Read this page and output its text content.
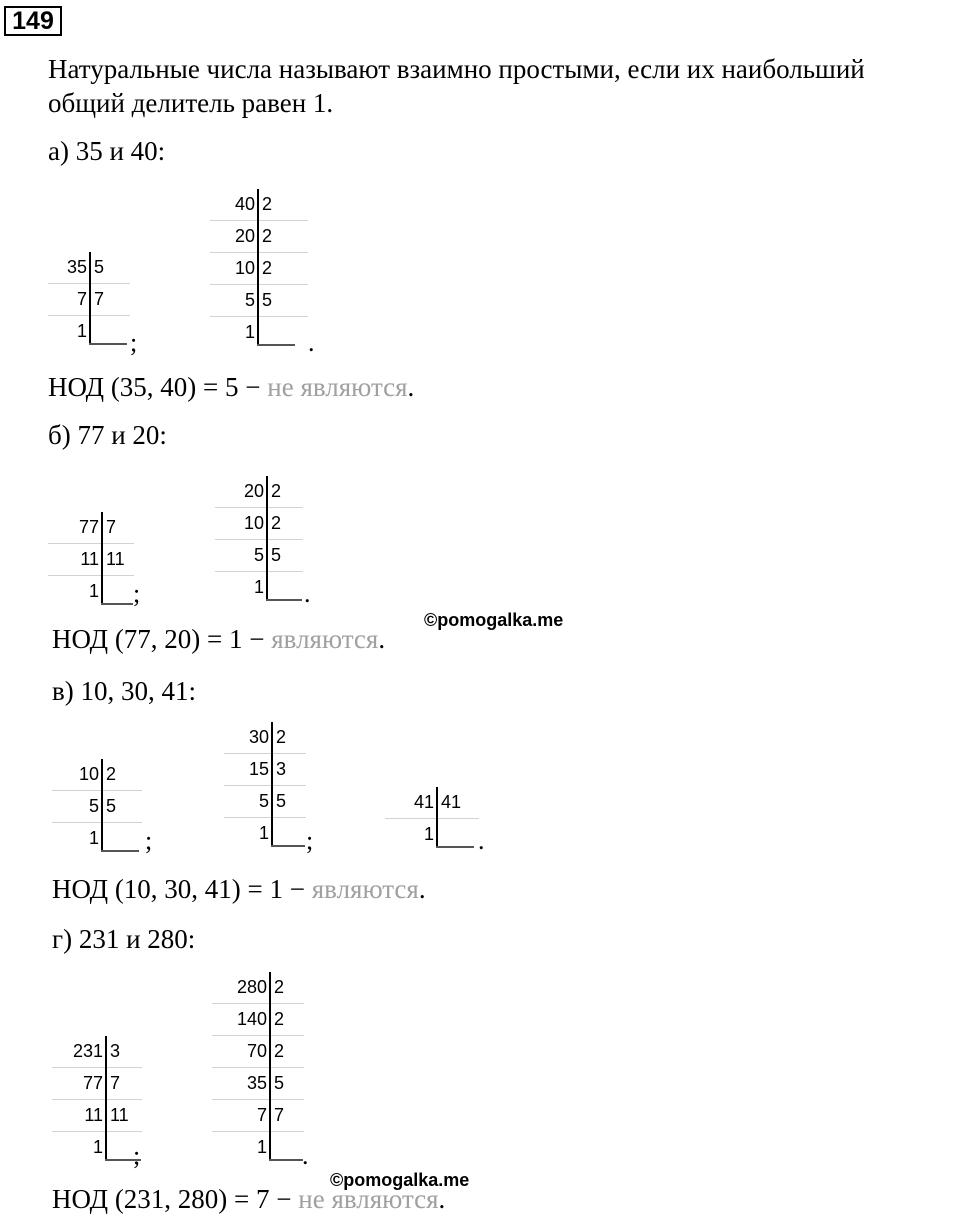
149
Натуральные числа называют взаимно простыми, если их наибольший
общий делитель равен 1.
а) 35 и 40:
35
7
1
5
7
;
40
20
10
5
1
2
2
2
5
.
НОД (35, 40) = 5 − не являются.
б) 77 и 20:
77
11
1
7
11
;
20
10
5
1
2
2
5
.
©pomogalka.me
НОД (77, 20) = 1 − являются.
в) 10, 30, 41:
10
5
1
2
5
;
30
15
5
1
2
3
5
;
41
1
41
.
НОД (10, 30, 41) = 1 − являются.
г) 231 и 280:
231
77
11
1
3
7
11
;
280
140
70
35
7
1
2
2
2
5
7
.
©pomogalka.me
НОД (231, 280) = 7 − не являются.
